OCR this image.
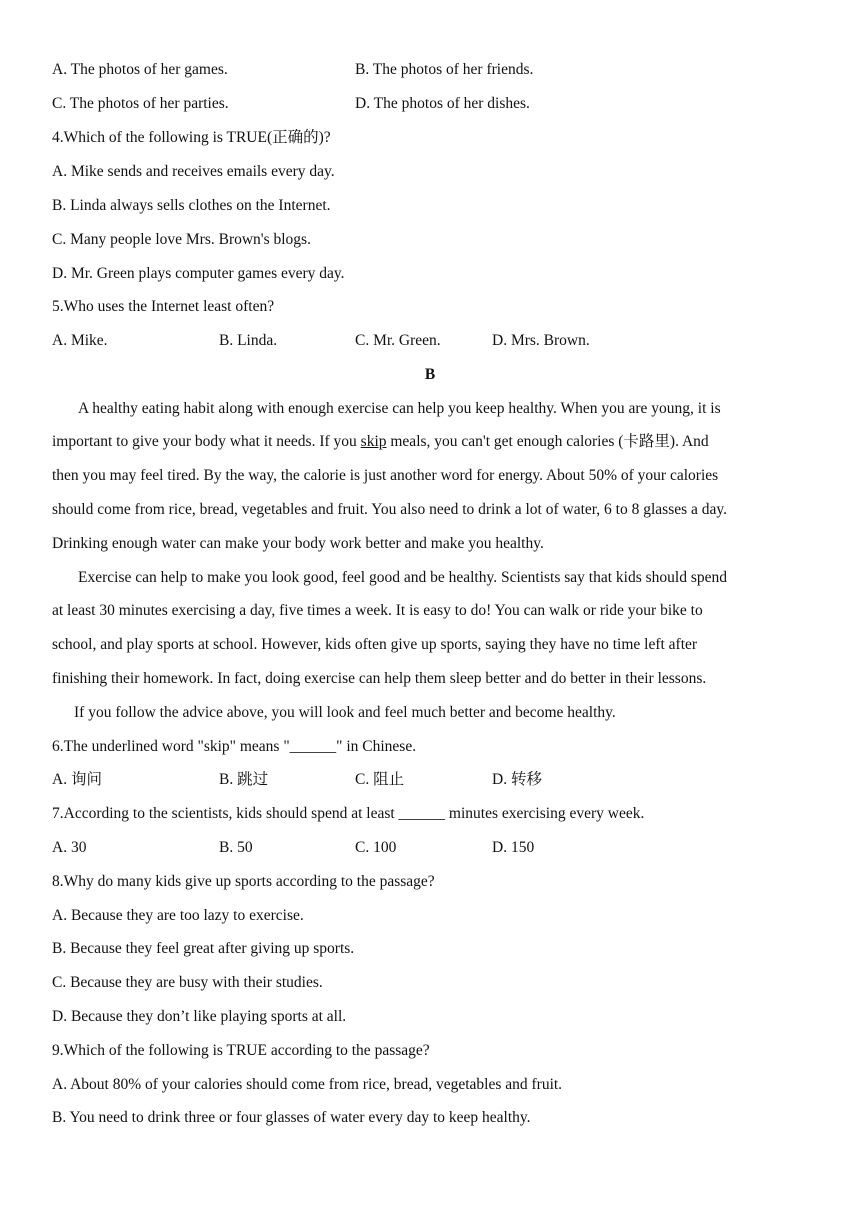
A. The photos of her games.	B. The photos of her friends.
C. The photos of her parties.	D. The photos of her dishes.
4.Which of the following is TRUE(正确的)?
A. Mike sends and receives emails every day.
B. Linda always sells clothes on the Internet.
C. Many people love Mrs. Brown's blogs.
D. Mr. Green plays computer games every day.
5.Who uses the Internet least often?
A. Mike.	B. Linda.	C. Mr. Green.	D. Mrs. Brown.
B
A healthy eating habit along with enough exercise can help you keep healthy. When you are young, it is
important to give your body what it needs. If you skip meals, you can't get enough calories (卡路里). And
then you may feel tired. By the way, the calorie is just another word for energy. About 50% of your calories
should come from rice, bread, vegetables and fruit. You also need to drink a lot of water, 6 to 8 glasses a day.
Drinking enough water can make your body work better and make you healthy.
Exercise can help to make you look good, feel good and be healthy. Scientists say that kids should spend
at least 30 minutes exercising a day, five times a week. It is easy to do! You can walk or ride your bike to
school, and play sports at school. However, kids often give up sports, saying they have no time left after
finishing their homework. In fact, doing exercise can help them sleep better and do better in their lessons.
If you follow the advice above, you will look and feel much better and become healthy.
6.The underlined word "skip" means "______" in Chinese.
A. 询问	B. 跳过	C. 阻止	D. 转移
7.According to the scientists, kids should spend at least ______ minutes exercising every week.
A. 30	B. 50	C. 100	D. 150
8.Why do many kids give up sports according to the passage?
A. Because they are too lazy to exercise.
B. Because they feel great after giving up sports.
C. Because they are busy with their studies.
D. Because they don’t like playing sports at all.
9.Which of the following is TRUE according to the passage?
A. About 80% of your calories should come from rice, bread, vegetables and fruit.
B. You need to drink three or four glasses of water every day to keep healthy.
